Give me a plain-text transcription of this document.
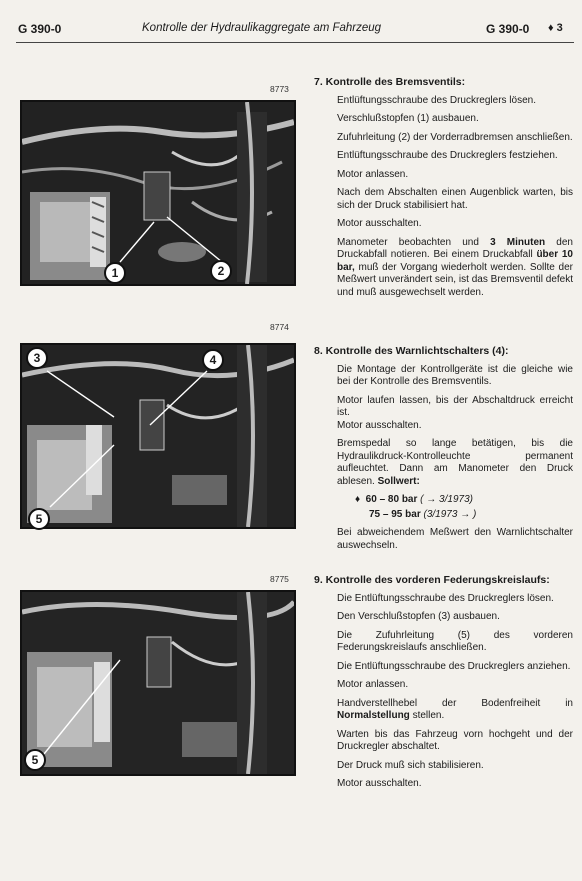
G 390-0	Kontrolle der Hydraulikaggregate am Fahrzeug	G 390-0 ♦ 3
8773
1	2
7. Kontrolle des Bremsventils:

Entlüftungsschraube des Druckreglers lösen.

Verschlußstopfen (1) ausbauen.

Zufuhrleitung (2) der Vorderradbremsen anschließen.

Entlüftungsschraube des Druckreglers festziehen.

Motor anlassen.

Nach dem Abschalten einen Augenblick warten, bis sich der Druck stabilisiert hat.

Motor ausschalten.

Manometer beobachten und 3 Minuten den Druckabfall notieren. Bei einem Druckabfall über 10 bar, muß der Vorgang wiederholt werden. Sollte der Meßwert unverändert sein, ist das Bremsventil defekt und muß ausgewechselt werden.

8774
3	4
5
8. Kontrolle des Warnlichtschalters (4):

Die Montage der Kontrollgeräte ist die gleiche wie bei der Kontrolle des Bremsventils.

Motor laufen lassen, bis der Abschaltdruck erreicht ist.

Motor ausschalten.

Bremspedal so lange betätigen, bis die Hydraulikdruck-Kontrolleuchte permanent aufleuchtet. Dann am Manometer den Druck ablesen. Sollwert:

♦ 60 – 80 bar ( → 3/1973)
75 – 95 bar (3/1973 → )

Bei abweichendem Meßwert den Warnlichtschalter auswechseln.

8775
5
9. Kontrolle des vorderen Federungskreislaufs:

Die Entlüftungsschraube des Druckreglers lösen.

Den Verschlußstopfen (3) ausbauen.

Die Zufuhrleitung (5) des vorderen Federungskreislaufs anschließen.

Die Entlüftungsschraube des Druckreglers anziehen.

Motor anlassen.

Handverstellhebel der Bodenfreiheit in Normalstellung stellen.

Warten bis das Fahrzeug vorn hochgeht und der Druckregler abschaltet.

Der Druck muß sich stabilisieren.

Motor ausschalten.
